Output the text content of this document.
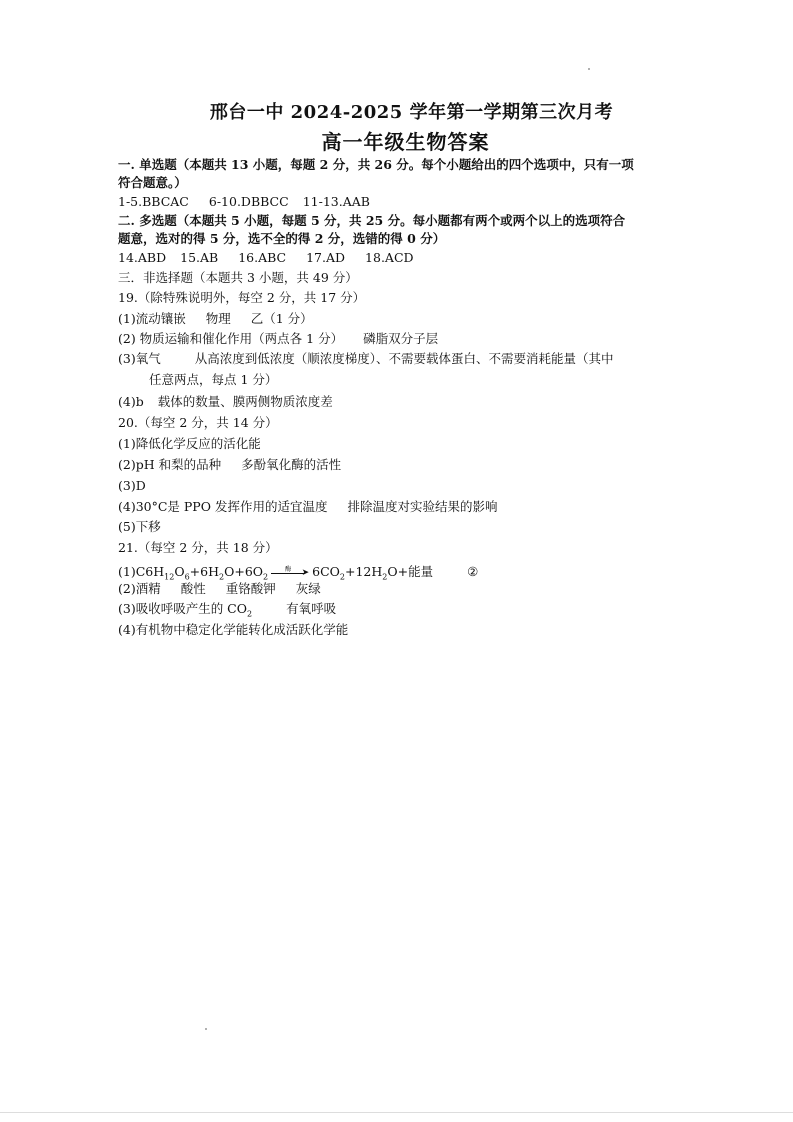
邢台一中 2024-2025 学年第一学期第三次月考
高一年级生物答案
一. 单选题（本题共 13 小题，每题 2 分，共 26 分。每个小题给出的四个选项中，只有一项
符合题意。）
1-5.BBCAC 6-10.DBBCC 11-13.AAB
二. 多选题（本题共 5 小题，每题 5 分，共 25 分。每小题都有两个或两个以上的选项符合
题意，选对的得 5 分，选不全的得 2 分，选错的得 0 分）
14.ABD 15.AB 16.ABC 17.AD 18.ACD
三．非选择题（本题共 3 小题，共 49 分）
19.（除特殊说明外，每空 2 分，共 17 分）
(1)流动镶嵌 物理 乙（1 分）
(2) 物质运输和催化作用（两点各 1 分） 磷脂双分子层
(3)氧气	从高浓度到低浓度（顺浓度梯度）、不需要载体蛋白、不需要消耗能量（其中
任意两点，每点 1 分）
(4)b 载体的数量、膜两侧物质浓度差
20.（每空 2 分，共 14 分）
(1)降低化学反应的活化能
(2)pH 和梨的品种 多酚氧化酶的活性
(3)D
(4)30°C是 PPO 发挥作用的适宜温度 排除温度对实验结果的影响
(5)下移
21.（每空 2 分，共 18 分）
$(1)C6H_{12}O_6+6H_2O+6O_2$
酶 ➤ $6CO_2+12H_2O+$能量	②
(2)酒精 酸性 重铬酸钾 灰绿
(3)吸收呼吸产生的 $CO_2$	有氧呼吸
(4)有机物中稳定化学能转化成活跃化学能
